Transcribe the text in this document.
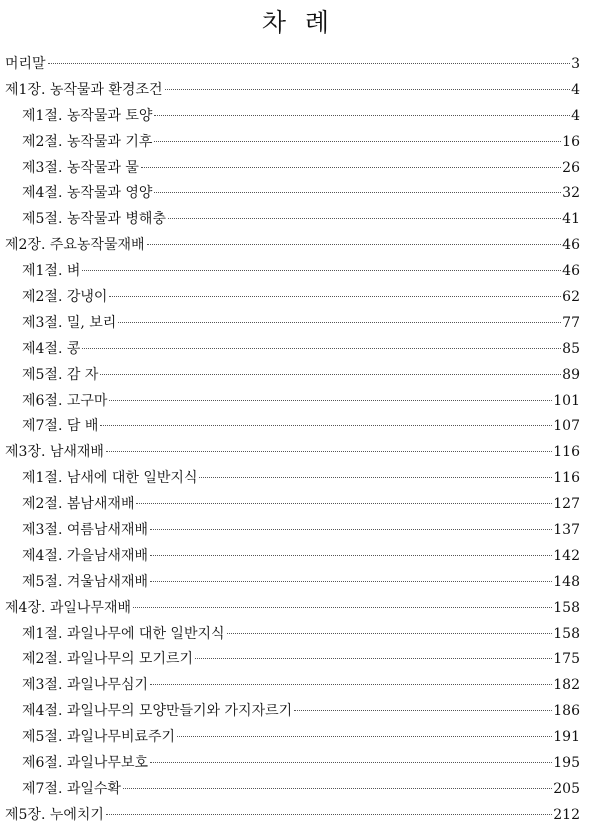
차  례
머리말	3
제1장. 농작물과 환경조건	4
제1절. 농작물과 토양	4
제2절. 농작물과 기후	16
제3절. 농작물과 물	26
제4절. 농작물과 영양	32
제5절. 농작물과 병해충	41
제2장. 주요농작물재배	46
제1절. 벼	46
제2절. 강냉이	62
제3절. 밀, 보리	77
제4절. 콩	85
제5절. 감 자	89
제6절. 고구마	101
제7절. 담 배	107
제3장. 남새재배	116
제1절. 남새에 대한 일반지식	116
제2절. 봄남새재배	127
제3절. 여름남새재배	137
제4절. 가을남새재배	142
제5절. 겨울남새재배	148
제4장. 과일나무재배	158
제1절. 과일나무에 대한 일반지식	158
제2절. 과일나무의 모기르기	175
제3절. 과일나무심기	182
제4절. 과일나무의 모양만들기와 가지자르기	186
제5절. 과일나무비료주기	191
제6절. 과일나무보호	195
제7절. 과일수확	205
제5장. 누에치기	212
